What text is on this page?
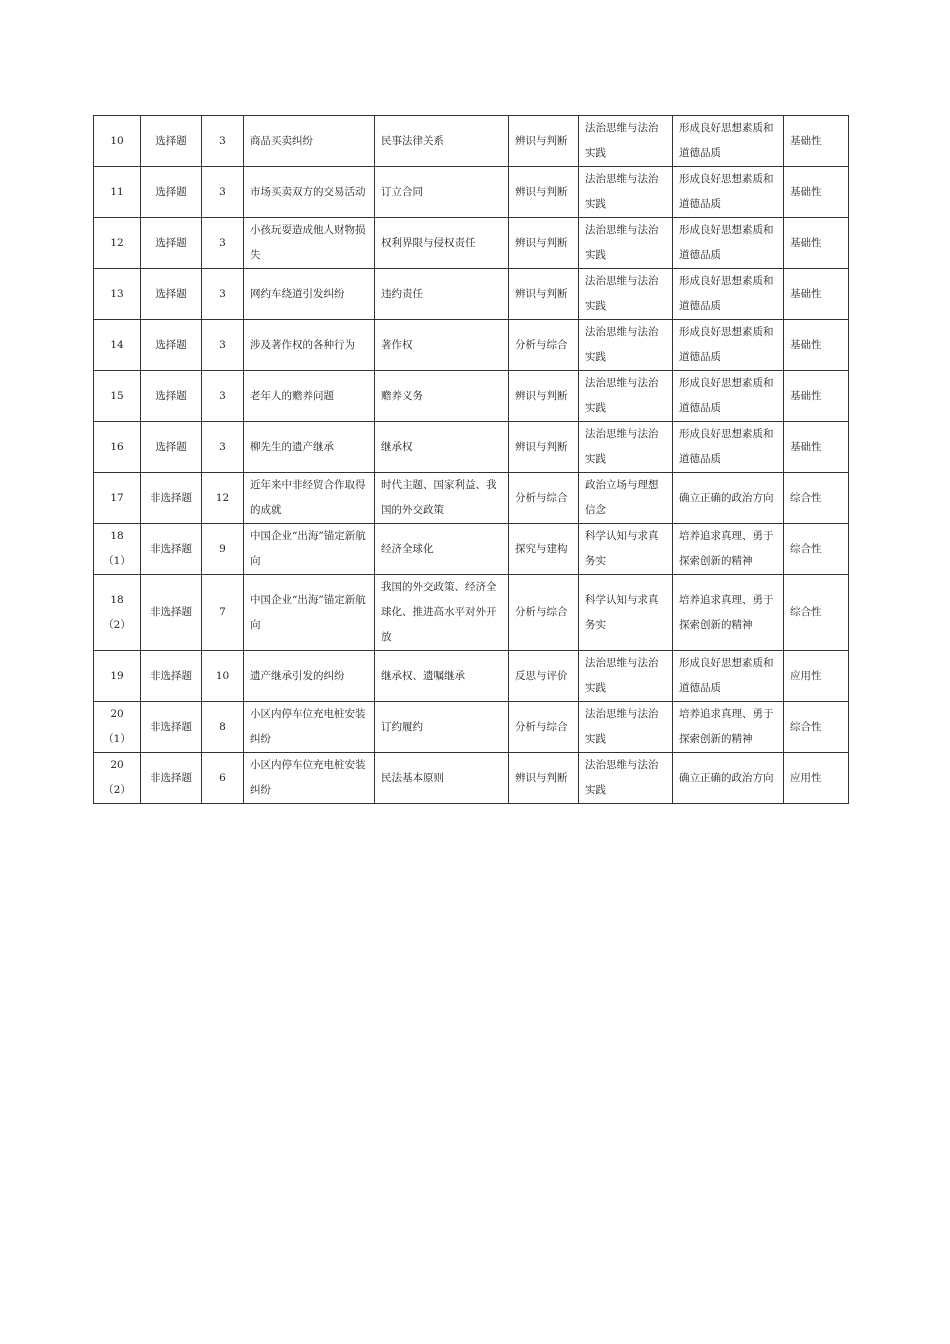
10	选择题	3	商品买卖纠纷	民事法律关系	辨识与判断	法治思维与法治实践	形成良好思想素质和道德品质	基础性
11	选择题	3	市场买卖双方的交易活动	订立合同	辨识与判断	法治思维与法治实践	形成良好思想素质和道德品质	基础性
12	选择题	3	小孩玩耍造成他人财物损失	权利界限与侵权责任	辨识与判断	法治思维与法治实践	形成良好思想素质和道德品质	基础性
13	选择题	3	网约车绕道引发纠纷	违约责任	辨识与判断	法治思维与法治实践	形成良好思想素质和道德品质	基础性
14	选择题	3	涉及著作权的各种行为	著作权	分析与综合	法治思维与法治实践	形成良好思想素质和道德品质	基础性
15	选择题	3	老年人的赡养问题	赡养义务	辨识与判断	法治思维与法治实践	形成良好思想素质和道德品质	基础性
16	选择题	3	柳先生的遗产继承	继承权	辨识与判断	法治思维与法治实践	形成良好思想素质和道德品质	基础性
17	非选择题	12	近年来中非经贸合作取得的成就	时代主题、国家利益、我国的外交政策	分析与综合	政治立场与理想信念	确立正确的政治方向	综合性
18（1）	非选择题	9	中国企业“出海”锚定新航向	经济全球化	探究与建构	科学认知与求真务实	培养追求真理、勇于探索创新的精神	综合性
18（2）	非选择题	7	中国企业“出海”锚定新航向	我国的外交政策、经济全球化、推进高水平对外开放	分析与综合	科学认知与求真务实	培养追求真理、勇于探索创新的精神	综合性
19	非选择题	10	遗产继承引发的纠纷	继承权、遗嘱继承	反思与评价	法治思维与法治实践	形成良好思想素质和道德品质	应用性
20（1）	非选择题	8	小区内停车位充电桩安装纠纷	订约履约	分析与综合	法治思维与法治实践	培养追求真理、勇于探索创新的精神	综合性
20（2）	非选择题	6	小区内停车位充电桩安装纠纷	民法基本原则	辨识与判断	法治思维与法治实践	确立正确的政治方向	应用性
